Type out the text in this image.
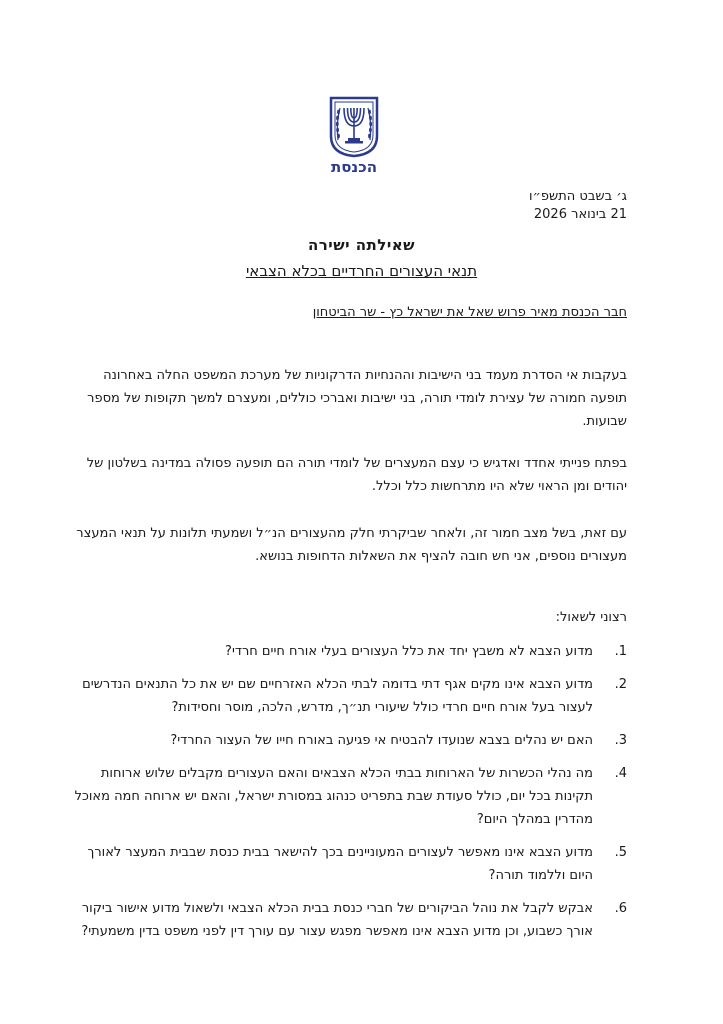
הכנסת
ג׳ בשבט התשפ״ו
21 בינואר 2026
שאילתה ישירה
תנאי העצורים החרדיים בכלא הצבאי
חבר הכנסת מאיר פרוש שאל את ישראל כץ - שר הביטחון
בעקבות אי הסדרת מעמד בני הישיבות וההנחיות הדרקוניות של מערכת המשפט החלה באחרונה תופעה חמורה של עצירת לומדי תורה, בני ישיבות ואברכי כוללים, ומעצרם למשך תקופות של מספר שבועות.
בפתח פנייתי אחדד ואדגיש כי עצם המעצרים של לומדי תורה הם תופעה פסולה במדינה בשלטון של יהודים ומן הראוי שלא היו מתרחשות כלל וכלל.
עם זאת, בשל מצב חמור זה, ולאחר שביקרתי חלק מהעצורים הנ״ל ושמעתי תלונות על תנאי המעצר מעצורים נוספים, אני חש חובה להציף את השאלות הדחופות בנושא.
רצוני לשאול:
1.
מדוע הצבא לא משבץ יחד את כלל העצורים בעלי אורח חיים חרדי?
2.
מדוע הצבא אינו מקים אגף דתי בדומה לבתי הכלא האזרחיים שם יש את כל התנאים הנדרשים לעצור בעל אורח חיים חרדי כולל שיעורי תנ״ך, מדרש, הלכה, מוסר וחסידות?
3.
האם יש נהלים בצבא שנועדו להבטיח אי פגיעה באורח חייו של העצור החרדי?
4.
מה נהלי הכשרות של הארוחות בבתי הכלא הצבאים והאם העצורים מקבלים שלוש ארוחות תקינות בכל יום, כולל סעודת שבת בתפריט כנהוג במסורת ישראל, והאם יש ארוחה חמה מאוכל מהדרין במהלך היום?
5.
מדוע הצבא אינו מאפשר לעצורים המעוניינים בכך להישאר בבית כנסת שבבית המעצר לאורך היום וללמוד תורה?
6.
אבקש לקבל את נוהל הביקורים של חברי כנסת בבית הכלא הצבאי ולשאול מדוע אישור ביקור אורך כשבוע, וכן מדוע הצבא אינו מאפשר מפגש עצור עם עורך דין לפני משפט בדין משמעתי?
